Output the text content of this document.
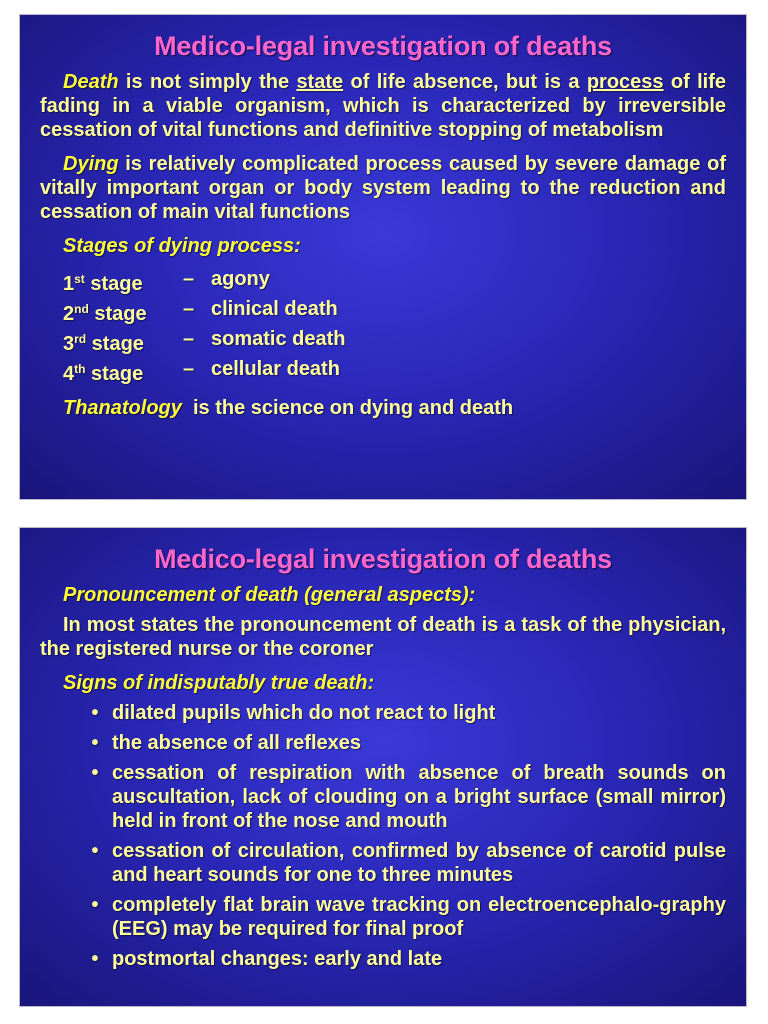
Medico-legal investigation of deaths

Death is not simply the state of life absence, but is a process of life fading in a viable organism, which is characterized by irreversible cessation of vital functions and definitive stopping of metabolism

Dying is relatively complicated process caused by severe damage of vitally important organ or body system leading to the reduction and cessation of main vital functions

Stages of dying process:
1st stage	– agony
2nd stage	– clinical death
3rd stage	– somatic death
4th stage	– cellular death
Thanatology  is the science on dying and death
Medico-legal investigation of deaths
Pronouncement of death (general aspects):

In most states the pronouncement of death is a task of the physician, the registered nurse or the coroner

Signs of indisputably true death:
• dilated pupils which do not react to light
• the absence of all reflexes
• cessation of respiration with absence of breath sounds on auscultation, lack of clouding on a bright surface (small mirror) held in front of the nose and mouth
• cessation of circulation, confirmed by absence of carotid pulse and heart sounds for one to three minutes
• completely flat brain wave tracking on electroencephalo-graphy (EEG) may be required for final proof
• postmortal changes: early and late
